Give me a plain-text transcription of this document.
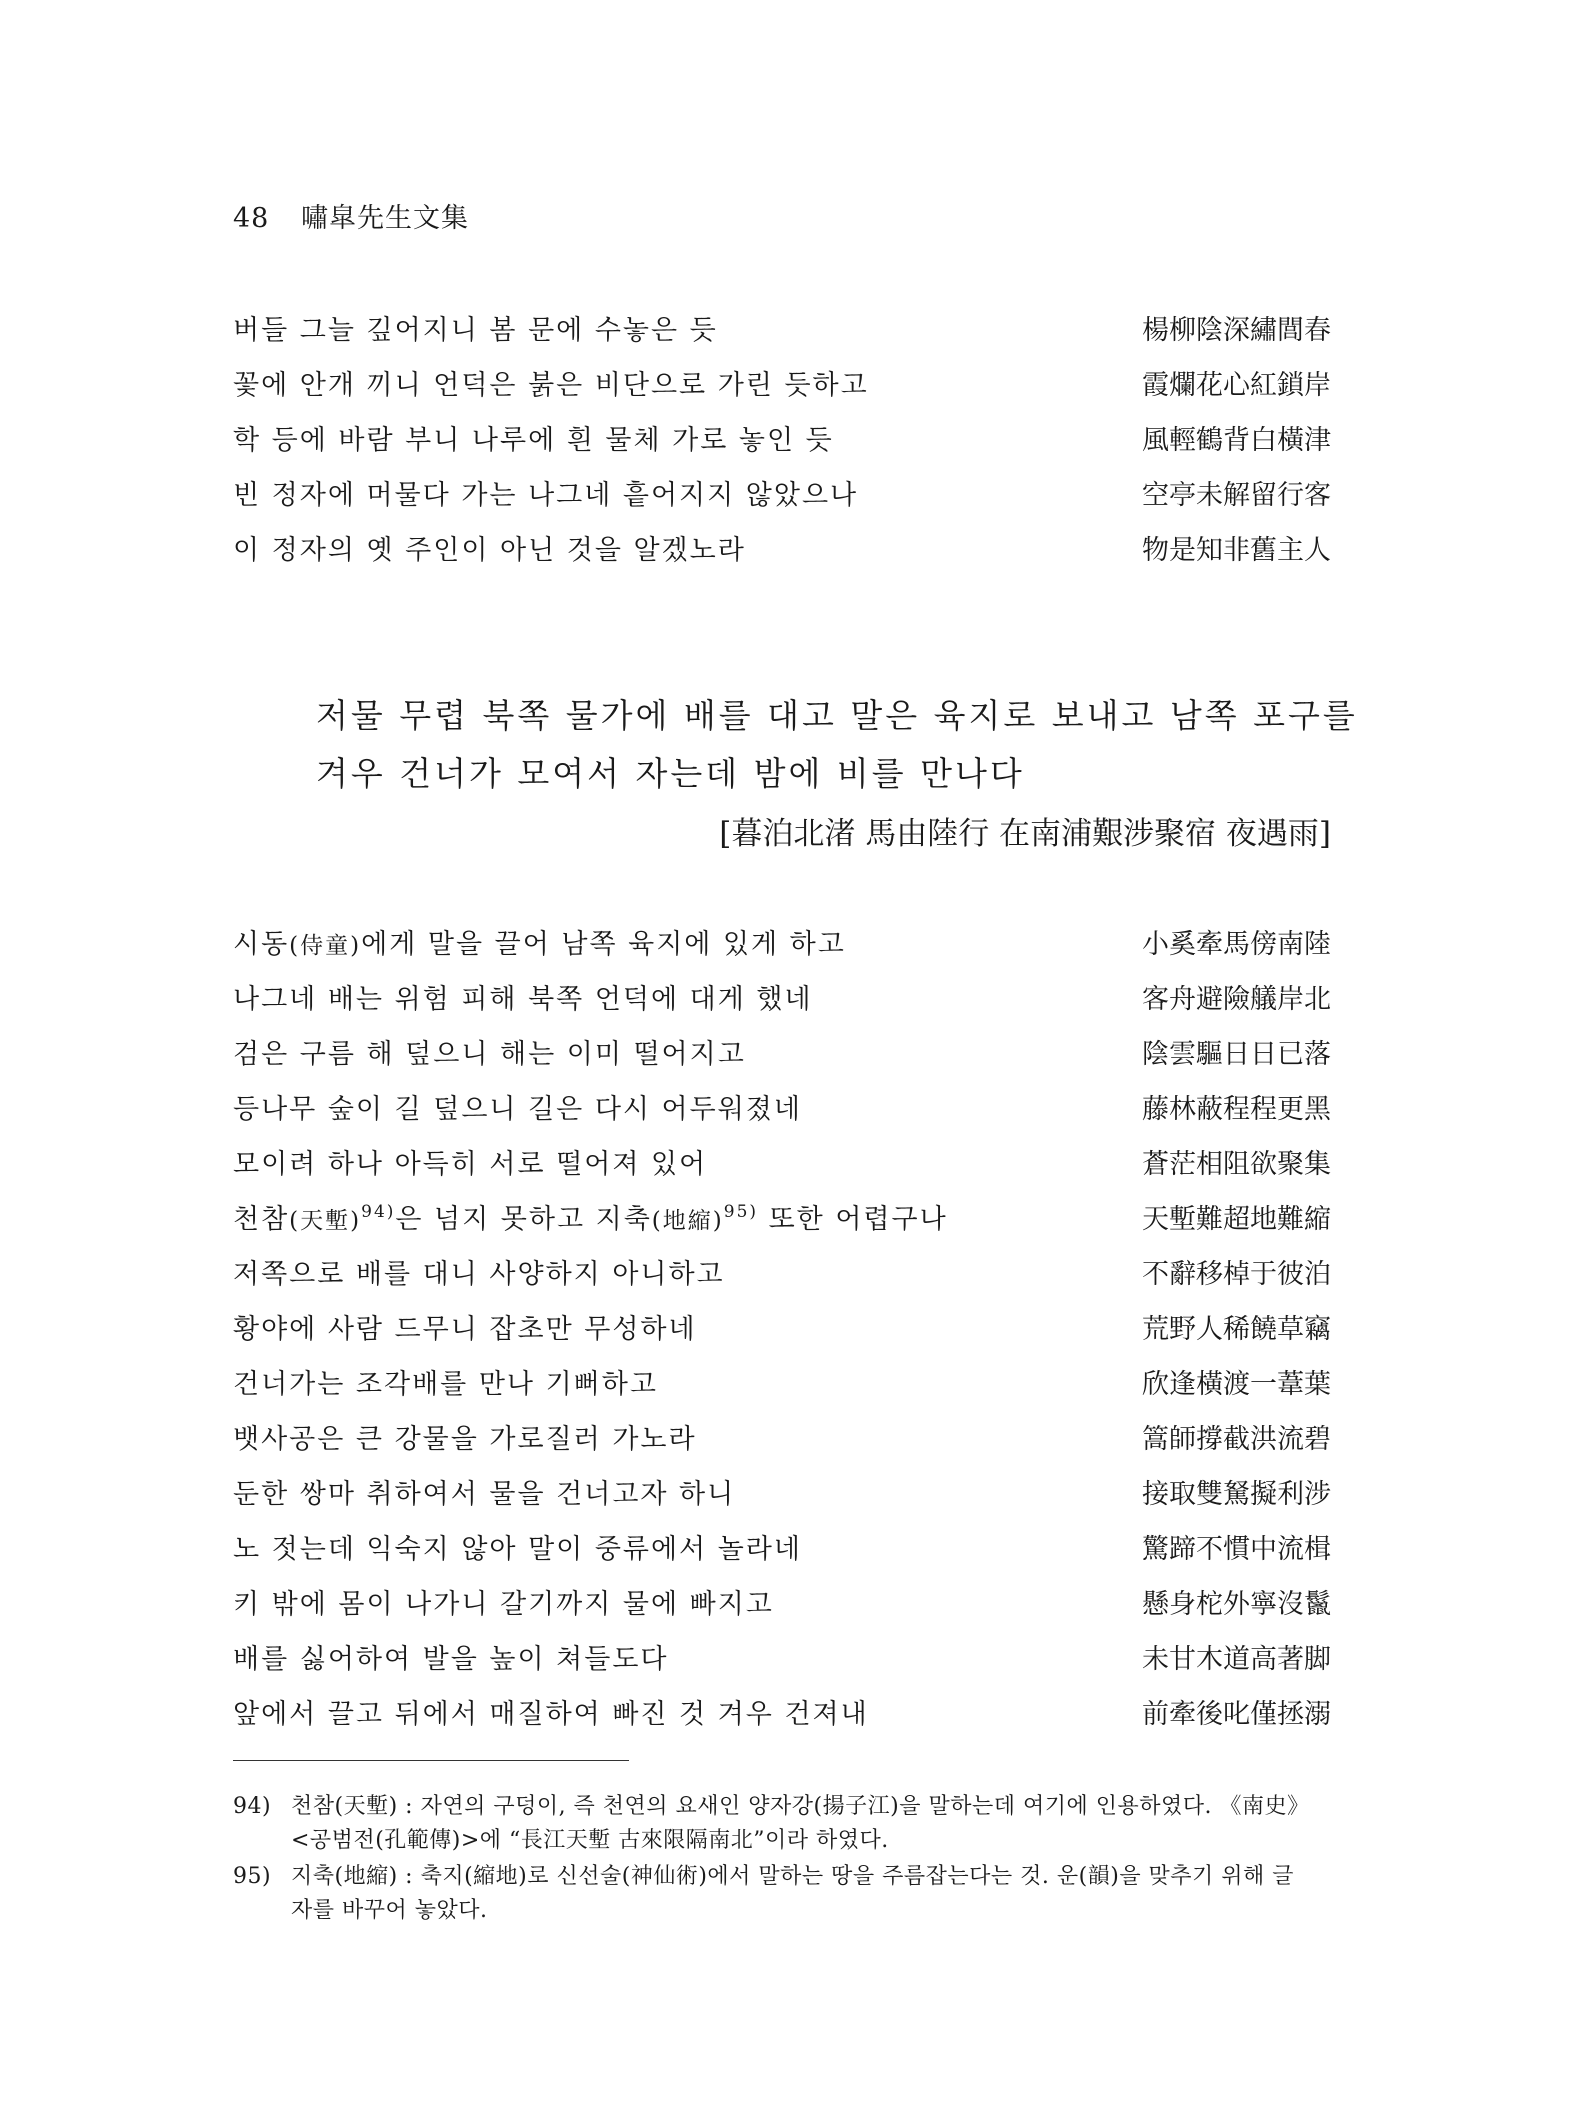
48 嘯皐先生文集
버들 그늘 깊어지니 봄 문에 수놓은 듯	楊柳陰深繡閭春
꽃에 안개 끼니 언덕은 붉은 비단으로 가린 듯하고	霞爛花心紅鎖岸
학 등에 바람 부니 나루에 흰 물체 가로 놓인 듯	風輕鶴背白橫津
빈 정자에 머물다 가는 나그네 흩어지지 않았으나	空亭未解留行客
이 정자의 옛 주인이 아닌 것을 알겠노라	物是知非舊主人
저물 무렵 북쪽 물가에 배를 대고 말은 육지로 보내고 남쪽 포구를
겨우 건너가 모여서 자는데 밤에 비를 만나다
[暮泊北渚 馬由陸行 在南浦艱涉聚宿 夜遇雨]
시동(侍童)에게 말을 끌어 남쪽 육지에 있게 하고	小奚牽馬傍南陸
나그네 배는 위험 피해 북쪽 언덕에 대게 했네	客舟避險艤岸北
검은 구름 해 덮으니 해는 이미 떨어지고	陰雲驅日日已落
등나무 숲이 길 덮으니 길은 다시 어두워졌네	藤林蔽程程更黑
모이려 하나 아득히 서로 떨어져 있어	蒼茫相阻欲聚集
천참(天塹)$^{94)}$은 넘지 못하고 지축(地縮)$^{95)}$ 또한 어렵구나	天塹難超地難縮
저쪽으로 배를 대니 사양하지 아니하고	不辭移棹于彼泊
황야에 사람 드무니 잡초만 무성하네	荒野人稀饒草竊
건너가는 조각배를 만나 기뻐하고	欣逢橫渡一葦葉
뱃사공은 큰 강물을 가로질러 가노라	篙師撐截洪流碧
둔한 쌍마 취하여서 물을 건너고자 하니	接取雙駑擬利涉
노 젓는데 익숙지 않아 말이 중류에서 놀라네	驚蹄不慣中流楫
키 밖에 몸이 나가니 갈기까지 물에 빠지고	懸身柁外寧沒鬣
배를 싫어하여 발을 높이 쳐들도다	未甘木道高著脚
앞에서 끌고 뒤에서 매질하여 빠진 것 겨우 건져내	前牽後叱僅拯溺
94) 천참(天塹) : 자연의 구덩이, 즉 천연의 요새인 양자강(揚子江)을 말하는데 여기에 인용하였다. 《南史》
<공범전(孔範傳)>에 “長江天塹 古來限隔南北”이라 하였다.
95) 지축(地縮) : 축지(縮地)로 신선술(神仙術)에서 말하는 땅을 주름잡는다는 것. 운(韻)을 맞추기 위해 글
자를 바꾸어 놓았다.
